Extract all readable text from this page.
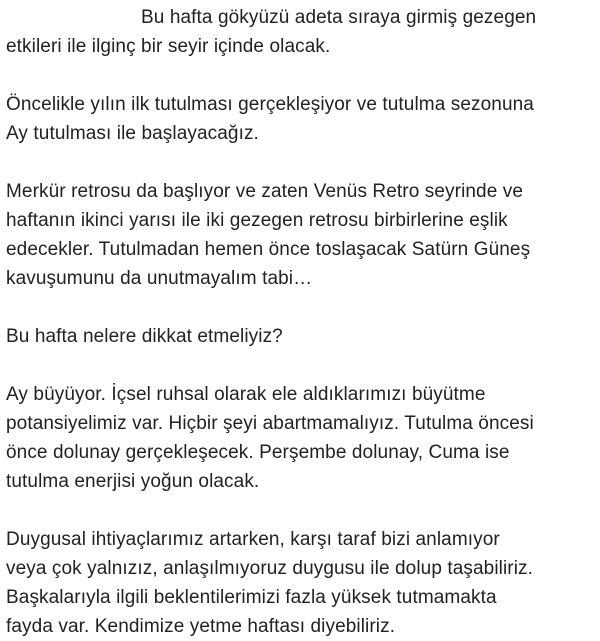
Bu hafta gökyüzü adeta sıraya girmiş gezegen
etkileri ile ilginç bir seyir içinde olacak.

Öncelikle yılın ilk tutulması gerçekleşiyor ve tutulma sezonuna
Ay tutulması ile başlayacağız.

Merkür retrosu da başlıyor ve zaten Venüs Retro seyrinde ve
haftanın ikinci yarısı ile iki gezegen retrosu birbirlerine eşlik
edecekler. Tutulmadan hemen önce toslaşacak Satürn Güneş
kavuşumunu da unutmayalım tabi…

Bu hafta nelere dikkat etmeliyiz?

Ay büyüyor. İçsel ruhsal olarak ele aldıklarımızı büyütme
potansiyelimiz var. Hiçbir şeyi abartmamalıyız. Tutulma öncesi
önce dolunay gerçekleşecek. Perşembe dolunay, Cuma ise
tutulma enerjisi yoğun olacak.

Duygusal ihtiyaçlarımız artarken, karşı taraf bizi anlamıyor
veya çok yalnızız, anlaşılmıyoruz duygusu ile dolup taşabiliriz.
Başkalarıyla ilgili beklentilerimizi fazla yüksek tutmamakta
fayda var. Kendimize yetme haftası diyebiliriz.
